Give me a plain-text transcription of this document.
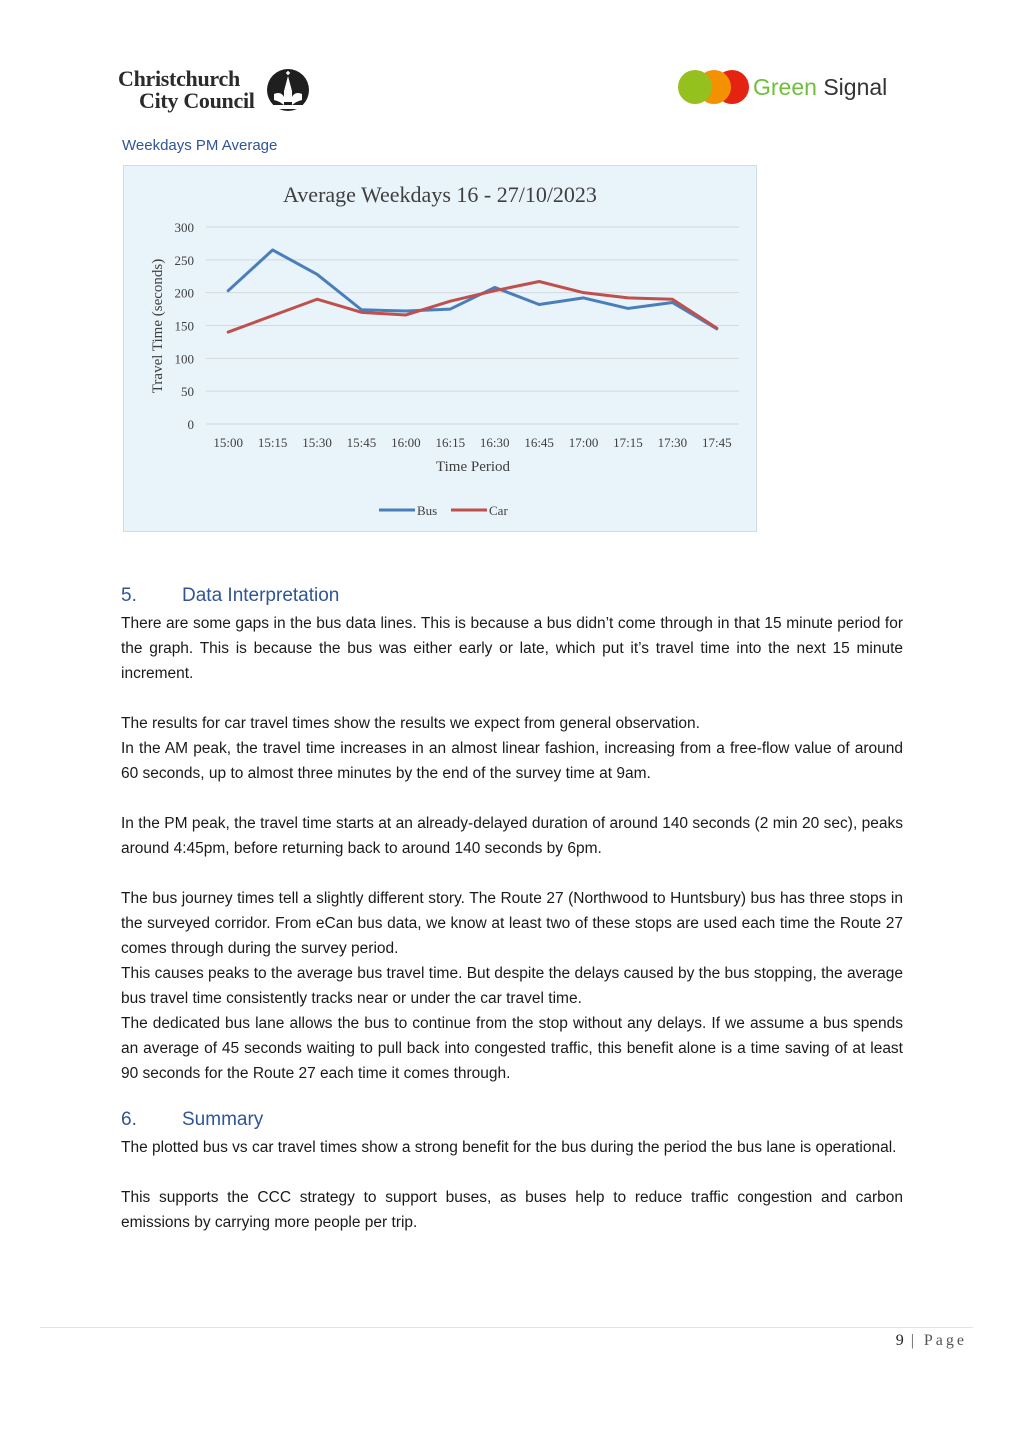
Christchurch
City Council
Green Signal
Weekdays PM Average
Average Weekdays 16 - 27/10/2023
0
50
100
150
200
250
300
15:00 15:15 15:30 15:45 16:00 16:15 16:30 16:45 17:00 17:15 17:30 17:45
Travel Time (seconds)
Time Period
Bus	Car
5. Data Interpretation
There are some gaps in the bus data lines. This is because a bus didn’t come through in that 15 minute period for the graph. This is because the bus was either early or late, which put it’s travel time into the next 15 minute increment.
The results for car travel times show the results we expect from general observation.
In the AM peak, the travel time increases in an almost linear fashion, increasing from a free-flow value of around 60 seconds, up to almost three minutes by the end of the survey time at 9am.
In the PM peak, the travel time starts at an already-delayed duration of around 140 seconds (2 min 20 sec), peaks around 4:45pm, before returning back to around 140 seconds by 6pm.
The bus journey times tell a slightly different story. The Route 27 (Northwood to Huntsbury) bus has three stops in the surveyed corridor. From eCan bus data, we know at least two of these stops are used each time the Route 27 comes through during the survey period.
This causes peaks to the average bus travel time. But despite the delays caused by the bus stopping, the average bus travel time consistently tracks near or under the car travel time.
The dedicated bus lane allows the bus to continue from the stop without any delays. If we assume a bus spends an average of 45 seconds waiting to pull back into congested traffic, this benefit alone is a time saving of at least 90 seconds for the Route 27 each time it comes through.
6. Summary
The plotted bus vs car travel times show a strong benefit for the bus during the period the bus lane is operational.
This supports the CCC strategy to support buses, as buses help to reduce traffic congestion and carbon emissions by carrying more people per trip.
9 | Page
